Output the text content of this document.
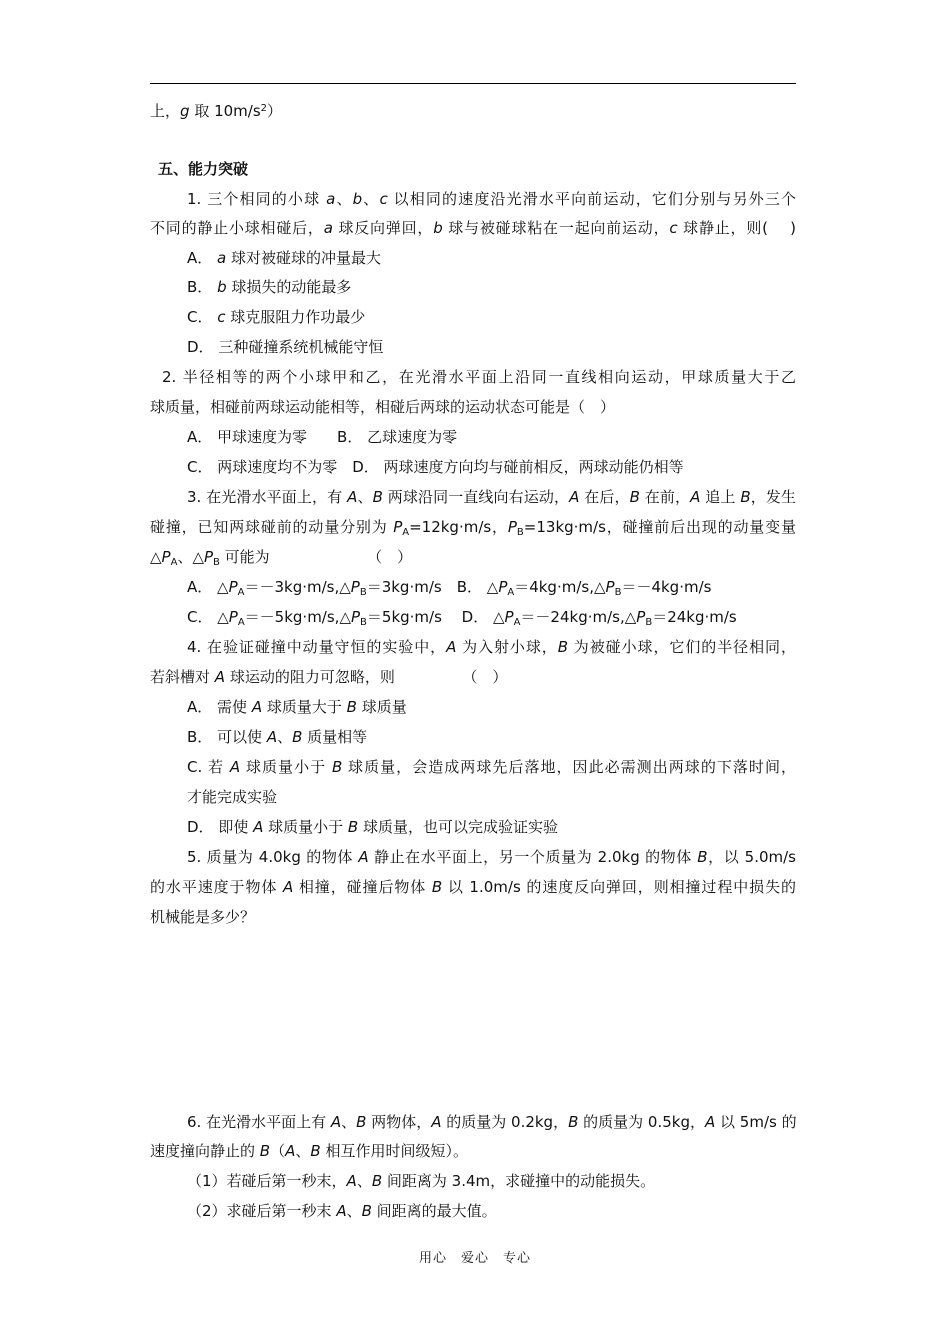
上，g 取 $10m/s^2$）
五、能力突破
1. 三个相同的小球 a、b、c 以相同的速度沿光滑水平向前运动，它们分别与另外三个
不同的静止小球相碰后，a 球反向弹回，b 球与被碰球粘在一起向前运动，c 球静止，则(　 )
A． a 球对被碰球的冲量最大
B． b 球损失的动能最多
C． c 球克服阻力作功最少
D． 三种碰撞系统机械能守恒
2. 半径相等的两个小球甲和乙，在光滑水平面上沿同一直线相向运动，甲球质量大于乙
球质量，相碰前两球运动能相等，相碰后两球的运动状态可能是（　）
A． 甲球速度为零　　B． 乙球速度为零
C． 两球速度均不为零　D． 两球速度方向均与碰前相反，两球动能仍相等
3. 在光滑水平面上，有 A、B 两球沿同一直线向右运动，A 在后，B 在前，A 追上 B，发生
碰撞，已知两球碰前的动量分别为 $P_A=12kg\cdot m/s$，$P_B=13kg\cdot m/s$，碰撞前后出现的动量变量
$\triangle P_A$、$\triangle P_B$ 可能为　　　　　　　（　）
A． $\triangle P_A=-3kg\cdot m/s,\triangle P_B=3kg\cdot m/s$　B． $\triangle P_A=4kg\cdot m/s,\triangle P_B=-4kg\cdot m/s$
C． $\triangle P_A=-5kg\cdot m/s,\triangle P_B=5kg\cdot m/s$　 D． $\triangle P_A=-24kg\cdot m/s,\triangle P_B=24kg\cdot m/s$
4. 在验证碰撞中动量守恒的实验中，A 为入射小球，B 为被碰小球，它们的半径相同，
若斜槽对 A 球运动的阻力可忽略，则　　　　　（　）
A． 需使 A 球质量大于 B 球质量
B． 可以使 A、B 质量相等
C. 若 A 球质量小于 B 球质量，会造成两球先后落地，因此必需测出两球的下落时间，
才能完成实验
D． 即使 A 球质量小于 B 球质量，也可以完成验证实验
5. 质量为 4.0kg 的物体 A 静止在水平面上，另一个质量为 2.0kg 的物体 B，以 5.0m/s
的水平速度于物体 A 相撞，碰撞后物体 B 以 1.0m/s 的速度反向弹回，则相撞过程中损失的
机械能是多少？
6. 在光滑水平面上有 A、B 两物体，A 的质量为 0.2kg，B 的质量为 0.5kg，A 以 5m/s 的
速度撞向静止的 B（A、B 相互作用时间级短）。
（1）若碰后第一秒末，A、B 间距离为 3.4m，求碰撞中的动能损失。
（2）求碰后第一秒末 A、B 间距离的最大值。
用心　爱心　专心
